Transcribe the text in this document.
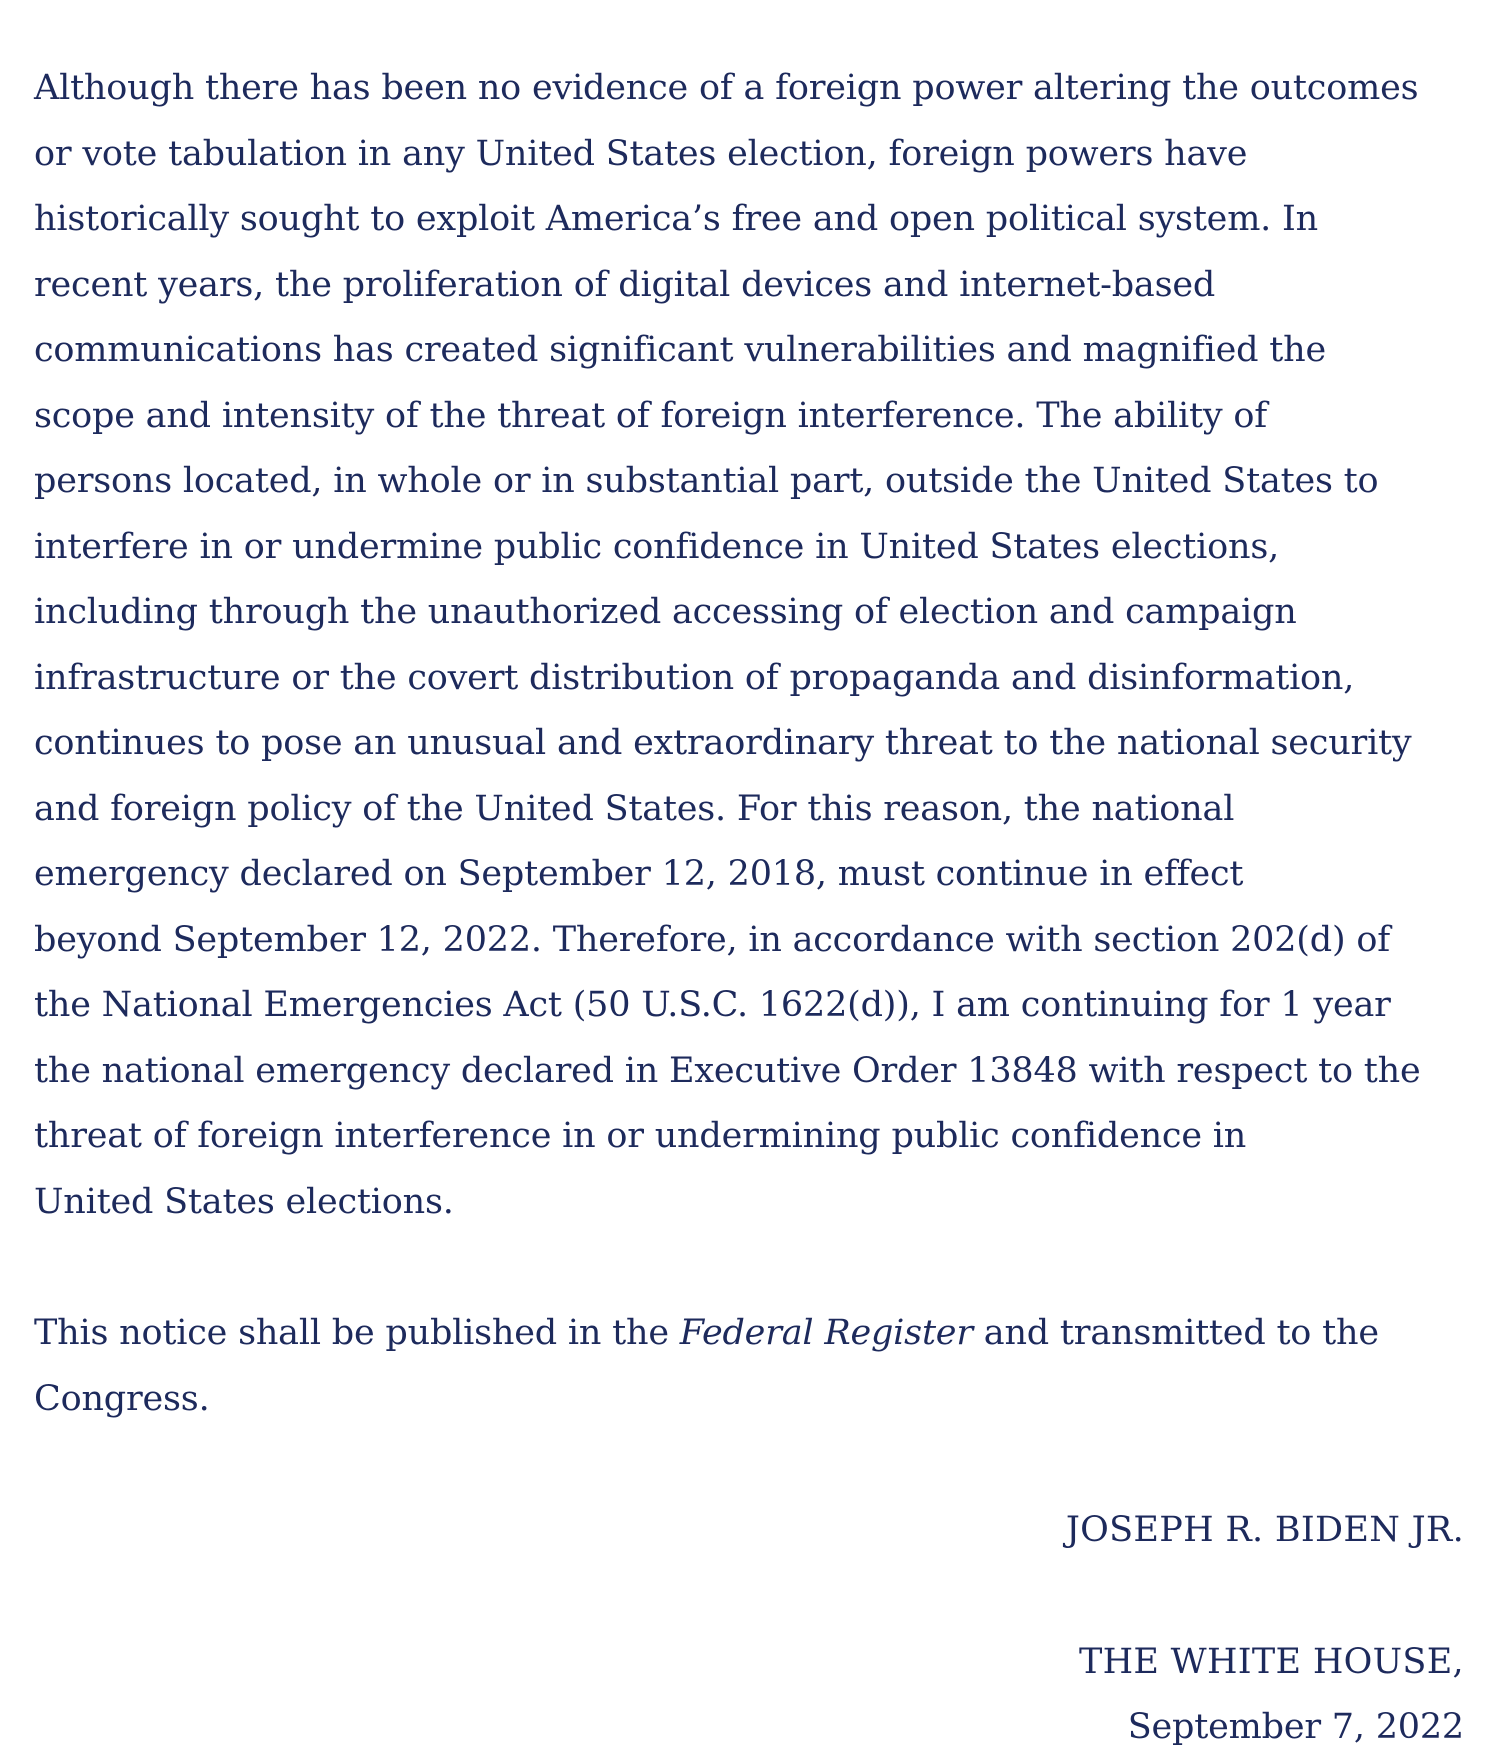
Although there has been no evidence of a foreign power altering the outcomes
or vote tabulation in any United States election, foreign powers have
historically sought to exploit America’s free and open political system. In
recent years, the proliferation of digital devices and internet-based
communications has created significant vulnerabilities and magnified the
scope and intensity of the threat of foreign interference. The ability of
persons located, in whole or in substantial part, outside the United States to
interfere in or undermine public confidence in United States elections,
including through the unauthorized accessing of election and campaign
infrastructure or the covert distribution of propaganda and disinformation,
continues to pose an unusual and extraordinary threat to the national security
and foreign policy of the United States. For this reason, the national
emergency declared on September 12, 2018, must continue in effect
beyond September 12, 2022. Therefore, in accordance with section 202(d) of
the National Emergencies Act (50 U.S.C. 1622(d)), I am continuing for 1 year
the national emergency declared in Executive Order 13848 with respect to the
threat of foreign interference in or undermining public confidence in
United States elections.

This notice shall be published in the Federal Register and transmitted to the
Congress.

JOSEPH R. BIDEN JR.
THE WHITE HOUSE,
September 7, 2022
